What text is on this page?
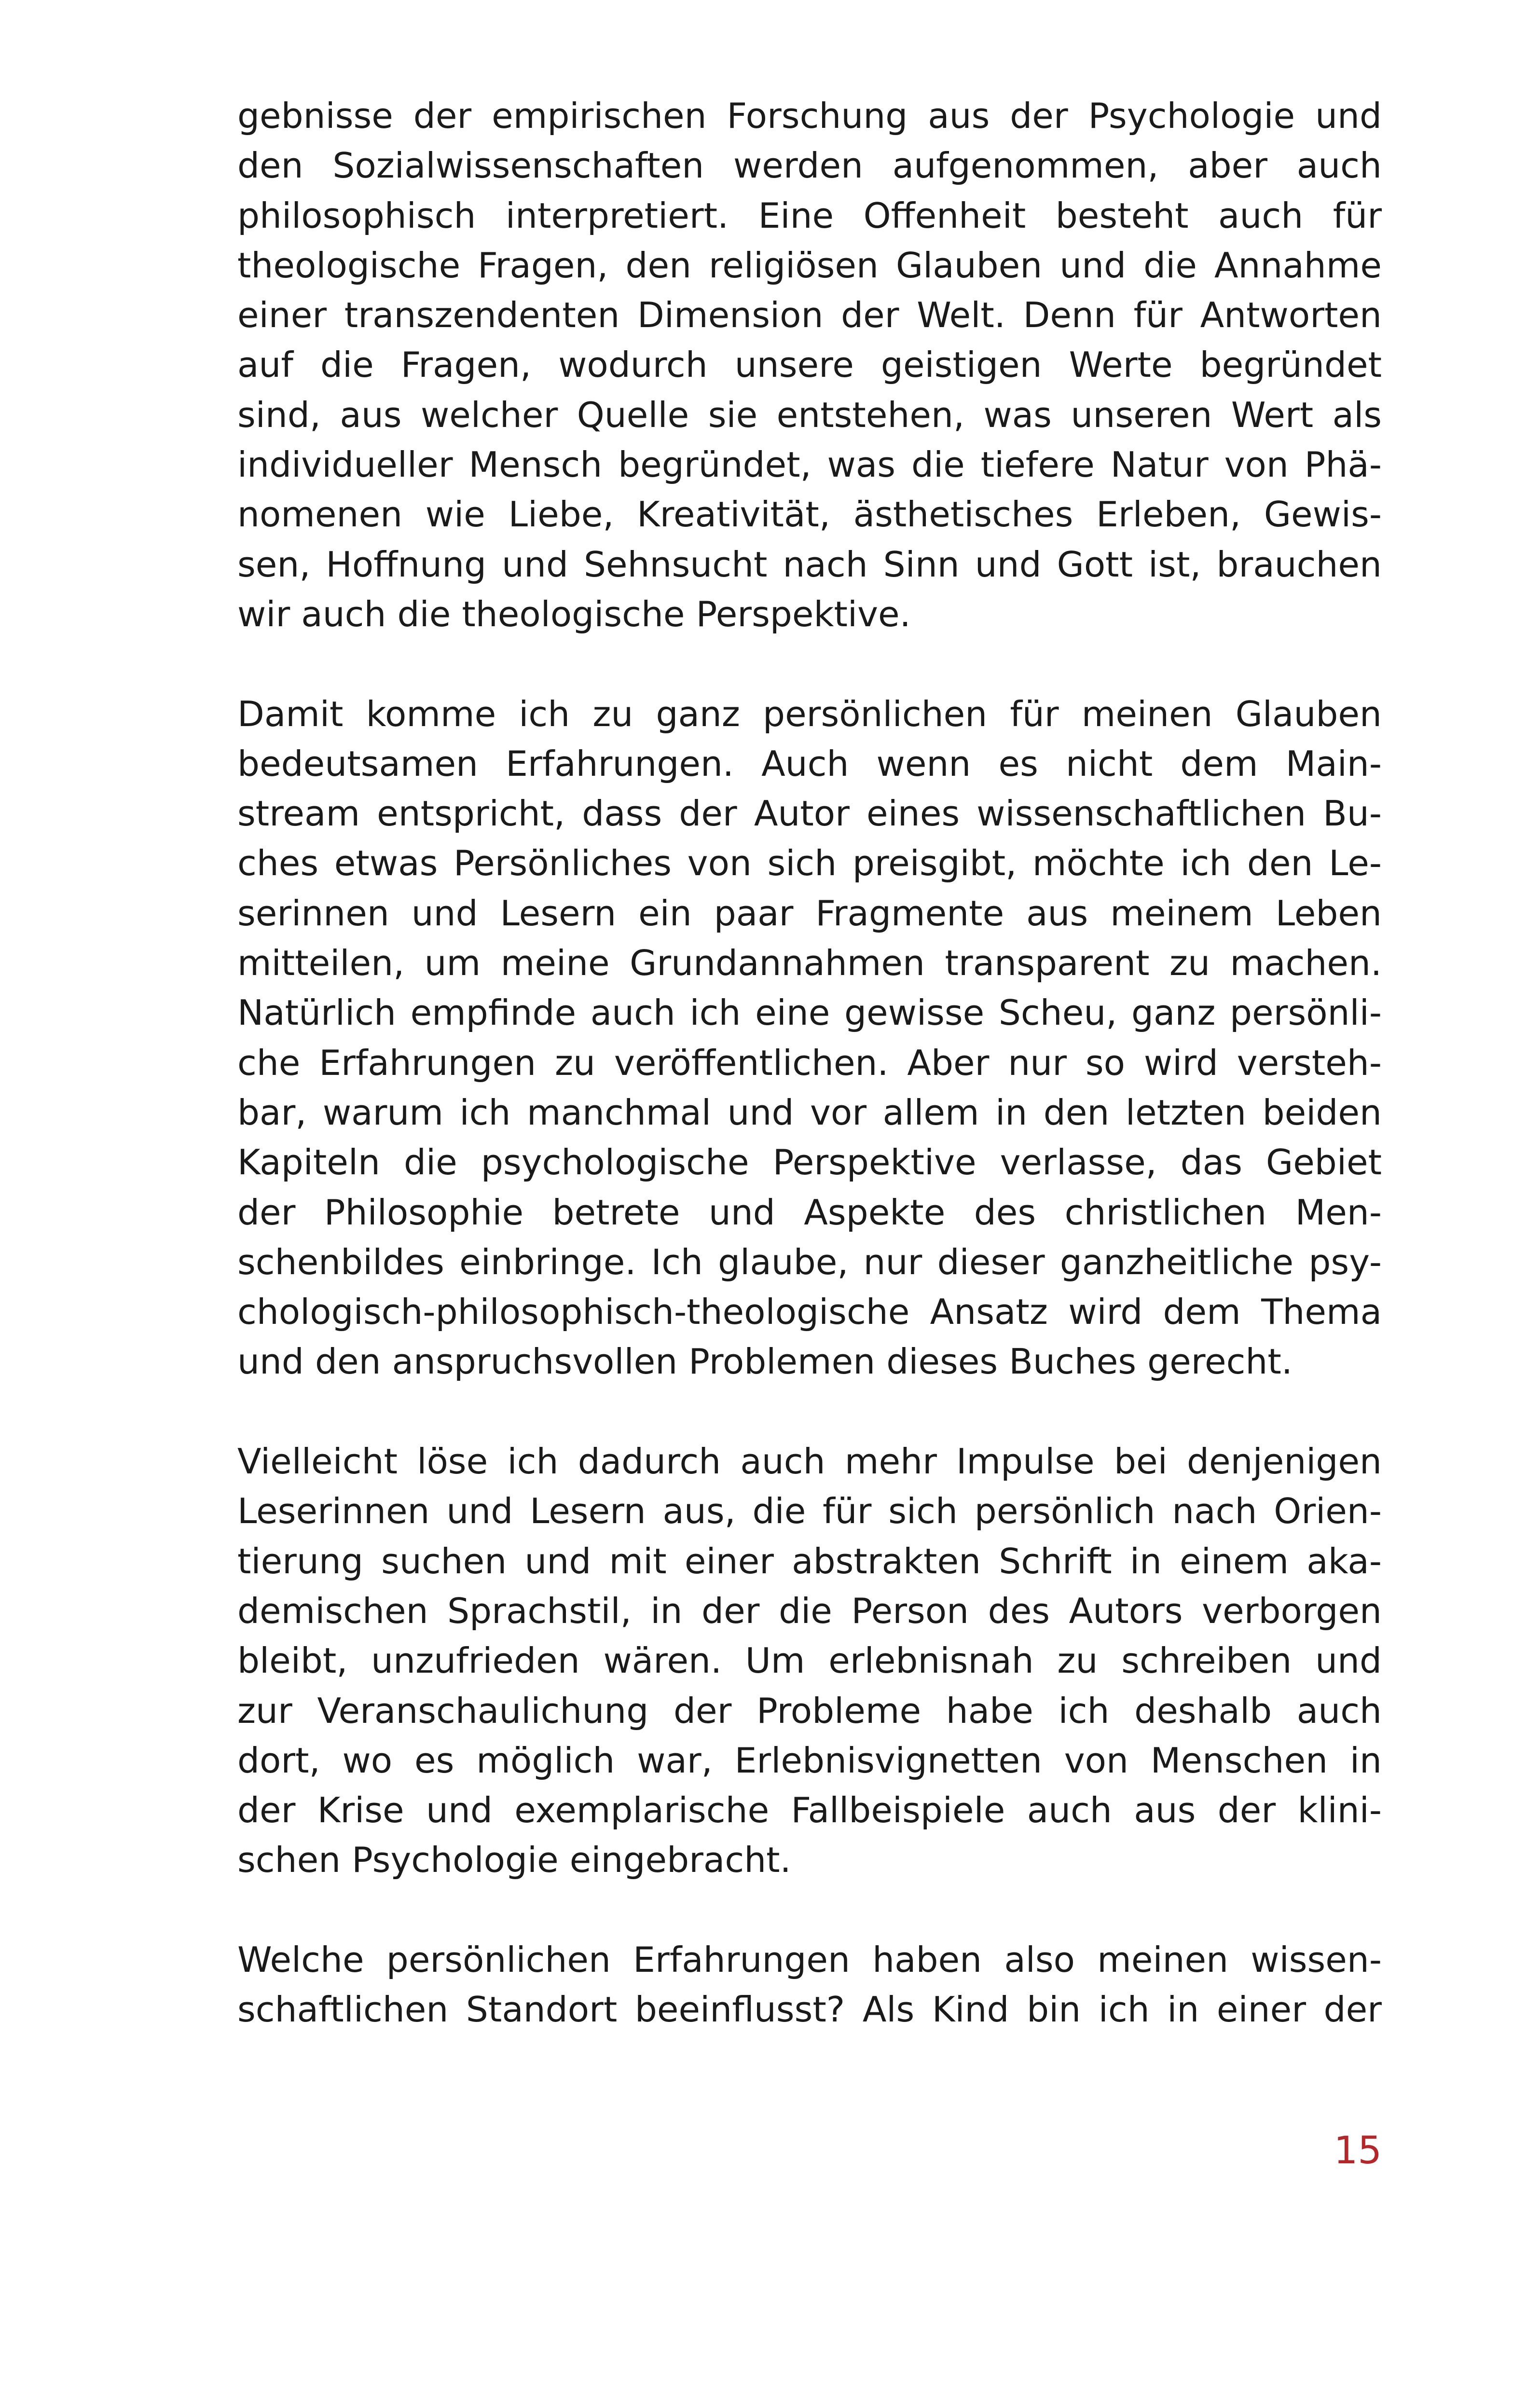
gebnisse der empirischen Forschung aus der Psychologie und
den Sozialwissenschaften werden aufgenommen, aber auch
philosophisch interpretiert. Eine Offenheit besteht auch für
theologische Fragen, den religiösen Glauben und die Annahme
einer transzendenten Dimension der Welt. Denn für Antworten
auf die Fragen, wodurch unsere geistigen Werte begründet
sind, aus welcher Quelle sie entstehen, was unseren Wert als
individueller Mensch begründet, was die tiefere Natur von Phä-
nomenen wie Liebe, Kreativität, ästhetisches Erleben, Gewis-
sen, Hoffnung und Sehnsucht nach Sinn und Gott ist, brauchen
wir auch die theologische Perspektive.
Damit komme ich zu ganz persönlichen für meinen Glauben
bedeutsamen Erfahrungen. Auch wenn es nicht dem Main-
stream entspricht, dass der Autor eines wissenschaftlichen Bu-
ches etwas Persönliches von sich preisgibt, möchte ich den Le-
serinnen und Lesern ein paar Fragmente aus meinem Leben
mitteilen, um meine Grundannahmen transparent zu machen.
Natürlich empfinde auch ich eine gewisse Scheu, ganz persönli-
che Erfahrungen zu veröffentlichen. Aber nur so wird versteh-
bar, warum ich manchmal und vor allem in den letzten beiden
Kapiteln die psychologische Perspektive verlasse, das Gebiet
der Philosophie betrete und Aspekte des christlichen Men-
schenbildes einbringe. Ich glaube, nur dieser ganzheitliche psy-
chologisch-philosophisch-theologische Ansatz wird dem Thema
und den anspruchsvollen Problemen dieses Buches gerecht.
Vielleicht löse ich dadurch auch mehr Impulse bei denjenigen
Leserinnen und Lesern aus, die für sich persönlich nach Orien-
tierung suchen und mit einer abstrakten Schrift in einem aka-
demischen Sprachstil, in der die Person des Autors verborgen
bleibt, unzufrieden wären. Um erlebnisnah zu schreiben und
zur Veranschaulichung der Probleme habe ich deshalb auch
dort, wo es möglich war, Erlebnisvignetten von Menschen in
der Krise und exemplarische Fallbeispiele auch aus der klini-
schen Psychologie eingebracht.
Welche persönlichen Erfahrungen haben also meinen wissen-
schaftlichen Standort beeinflusst? Als Kind bin ich in einer der
15
